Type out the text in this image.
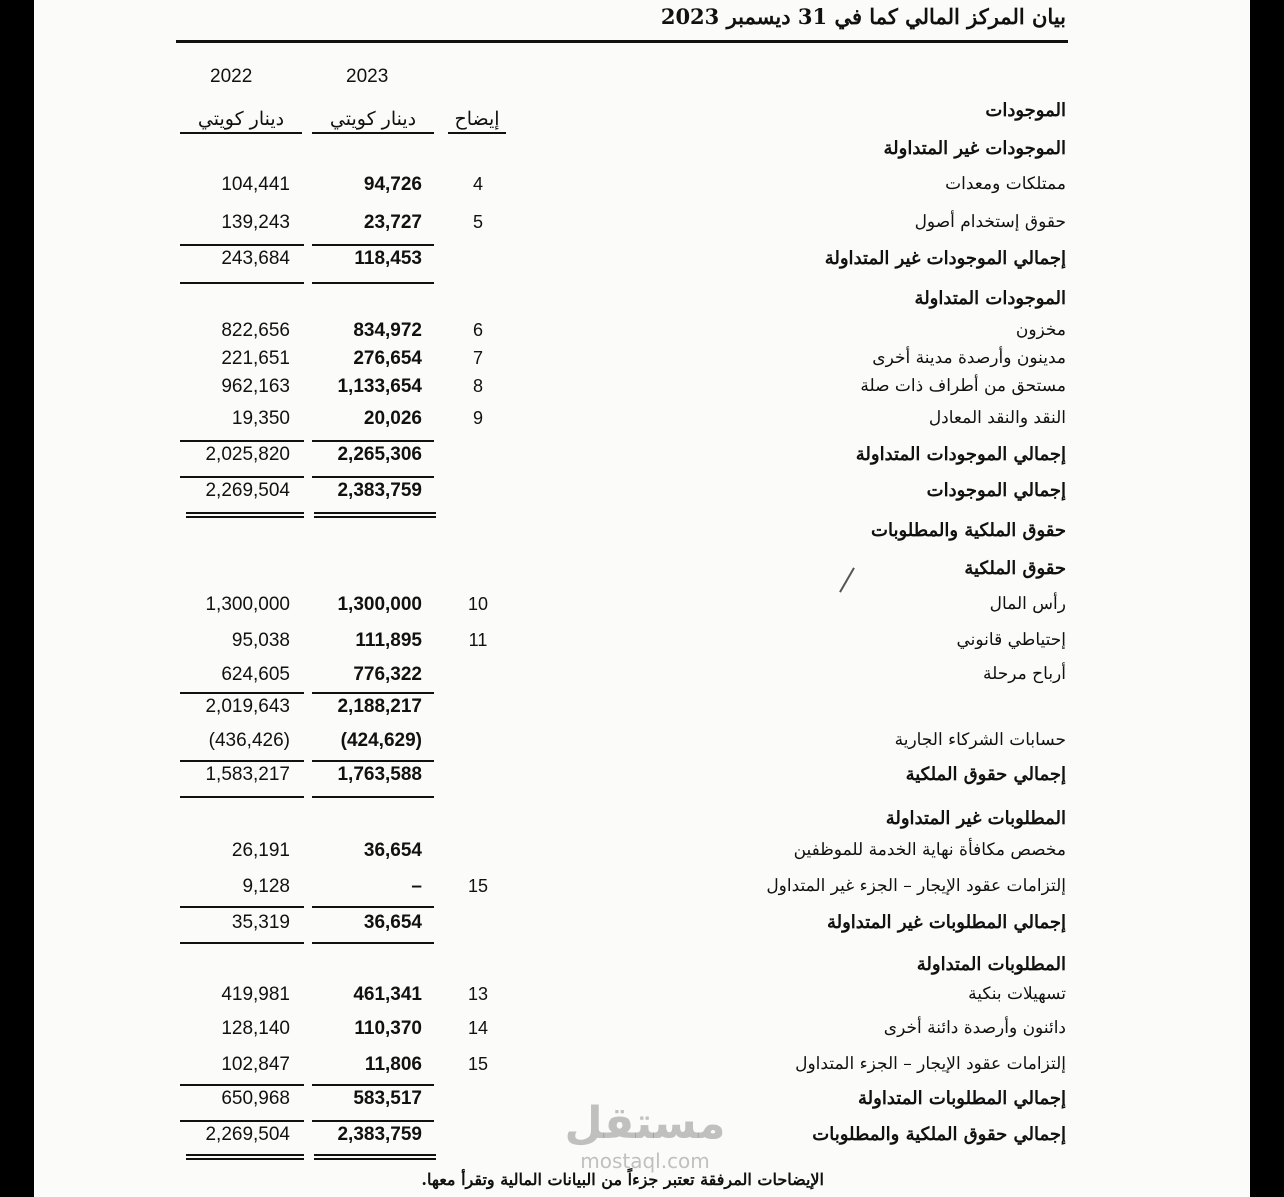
بيان المركز المالي كما في 31 ديسمبر 2023
2023
2022
إيضاح
دينار كويتي
دينار كويتي	الموجودات
الموجودات غير المتداولة
ممتلكات ومعدات
4
94,726
104,441
حقوق إستخدام أصول
5
23,727
139,243
إجمالي الموجودات غير المتداولة
118,453
243,684
الموجودات المتداولة
مخزون
6
834,972
822,656
مدينون وأرصدة مدينة أخرى
7
276,654
221,651
مستحق من أطراف ذات صلة
8
1,133,654
962,163
النقد والنقد المعادل
9
20,026
19,350
إجمالي الموجودات المتداولة
2,265,306
2,025,820
إجمالي الموجودات
2,383,759
2,269,504
حقوق الملكية والمطلوبات
حقوق الملكية
رأس المال
10
1,300,000
1,300,000
إحتياطي قانوني
11
111,895
95,038
أرباح مرحلة
776,322
624,605
2,188,217
2,019,643
حسابات الشركاء الجارية
(424,629)
(436,426)
إجمالي حقوق الملكية
1,763,588
1,583,217
المطلوبات غير المتداولة
مخصص مكافأة نهاية الخدمة للموظفين
36,654
26,191
إلتزامات عقود الإيجار – الجزء غير المتداول
15
–
9,128
إجمالي المطلوبات غير المتداولة
36,654
35,319
المطلوبات المتداولة
تسهيلات بنكية
13
461,341
419,981
دائنون وأرصدة دائنة أخرى
14
110,370
128,140
إلتزامات عقود الإيجار – الجزء المتداول
15
11,806
102,847
إجمالي المطلوبات المتداولة
583,517
650,968
إجمالي حقوق الملكية والمطلوبات
2,383,759
2,269,504	مستقل
mostaql.com
الإيضاحات المرفقة تعتبر جزءاً من البيانات المالية وتقرأ معها.
